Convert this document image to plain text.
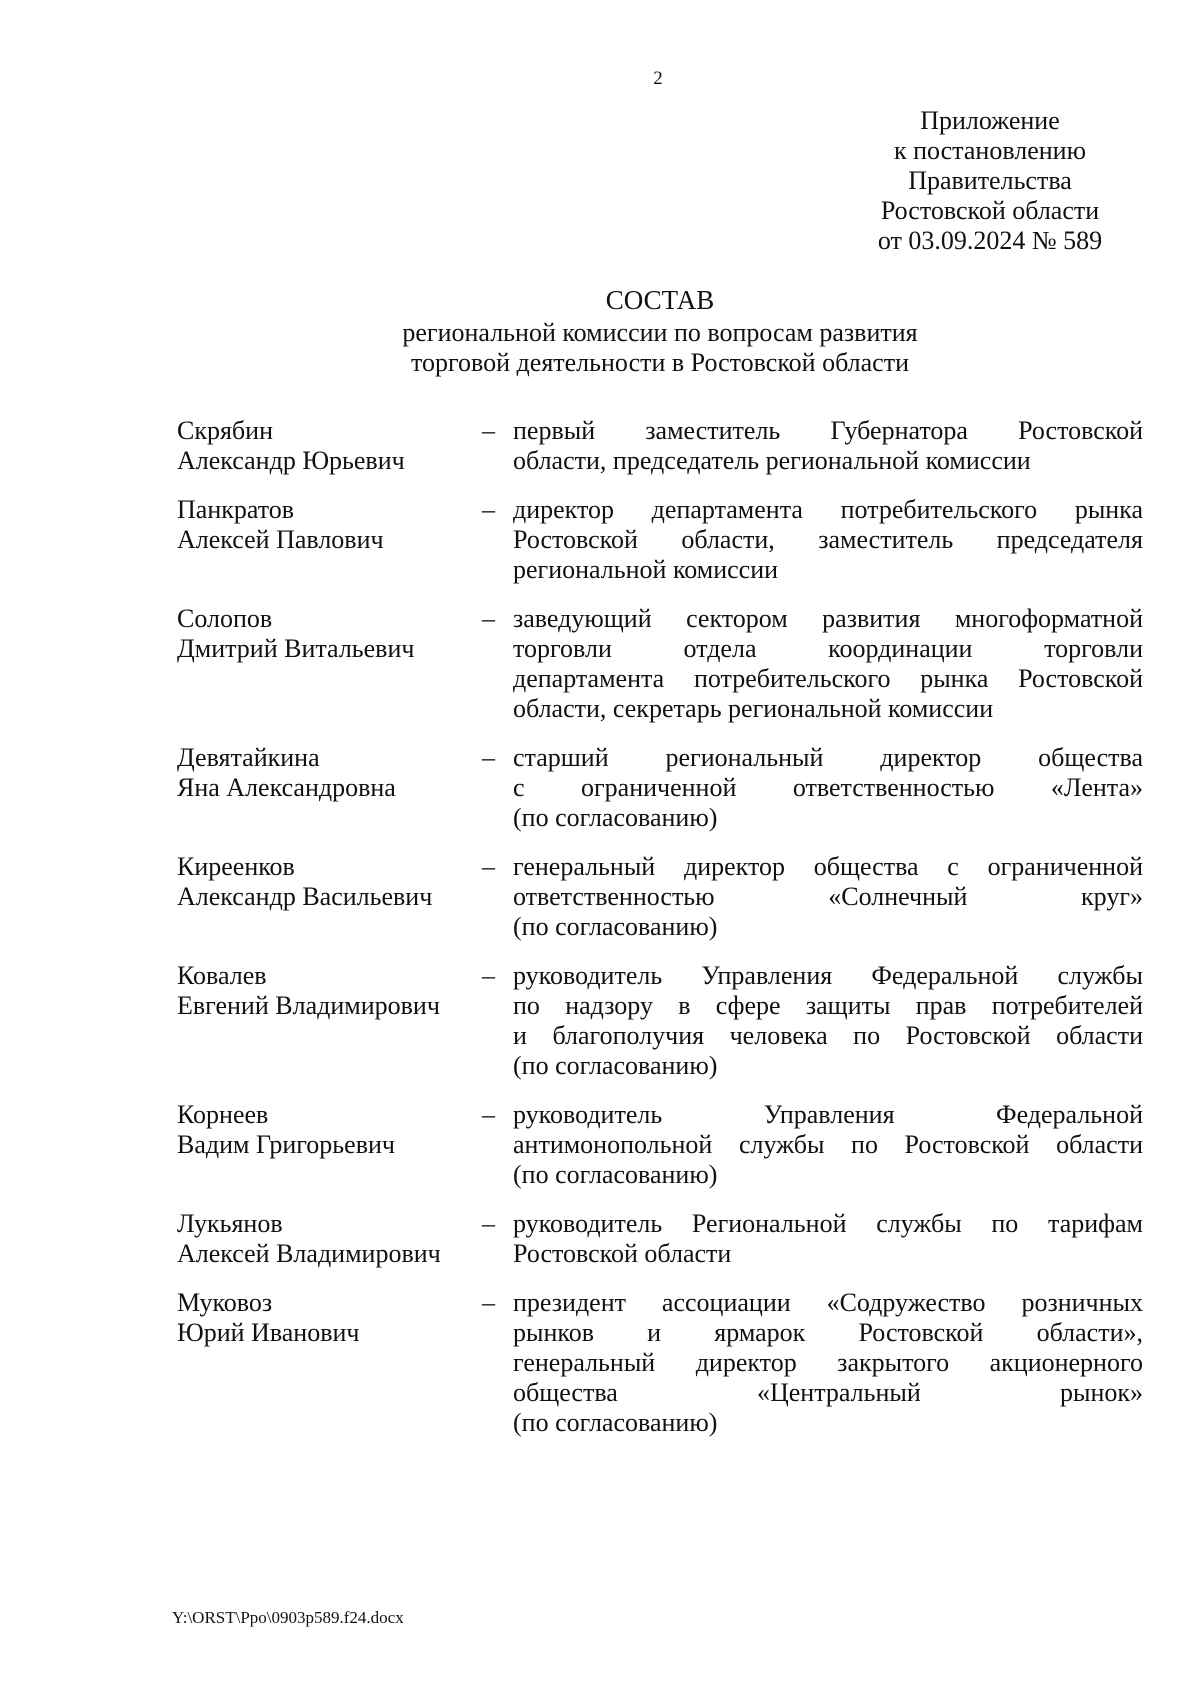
2
Приложение
к постановлению
Правительства
Ростовской области
от 03.09.2024 № 589
СОСТАВ
региональной комиссии по вопросам развития
торговой деятельности в Ростовской области
Скрябин
Александр Юрьевич
– первый заместитель Губернатора Ростовской
области, председатель региональной комиссии
Панкратов
Алексей Павлович
– директор департамента потребительского рынка
Ростовской области, заместитель председателя
региональной комиссии
Солопов
Дмитрий Витальевич
– заведующий сектором развития многоформатной
торговли отдела координации торговли
департамента потребительского рынка Ростовской
области, секретарь региональной комиссии
Девятайкина
Яна Александровна
– старший региональный директор общества
с ограниченной ответственностью «Лента»
(по согласованию)
Киреенков
Александр Васильевич
– генеральный директор общества с ограниченной
ответственностью «Солнечный круг»
(по согласованию)
Ковалев
Евгений Владимирович
– руководитель Управления Федеральной службы
по надзору в сфере защиты прав потребителей
и благополучия человека по Ростовской области
(по согласованию)
Корнеев
Вадим Григорьевич
– руководитель Управления Федеральной
антимонопольной службы по Ростовской области
(по согласованию)
Лукьянов
Алексей Владимирович
– руководитель Региональной службы по тарифам
Ростовской области
Муковоз
Юрий Иванович
– президент ассоциации «Содружество розничных
рынков и ярмарок Ростовской области»,
генеральный директор закрытого акционерного
общества «Центральный рынок»
(по согласованию)
Y:\ORST\Ppo\0903p589.f24.docx
